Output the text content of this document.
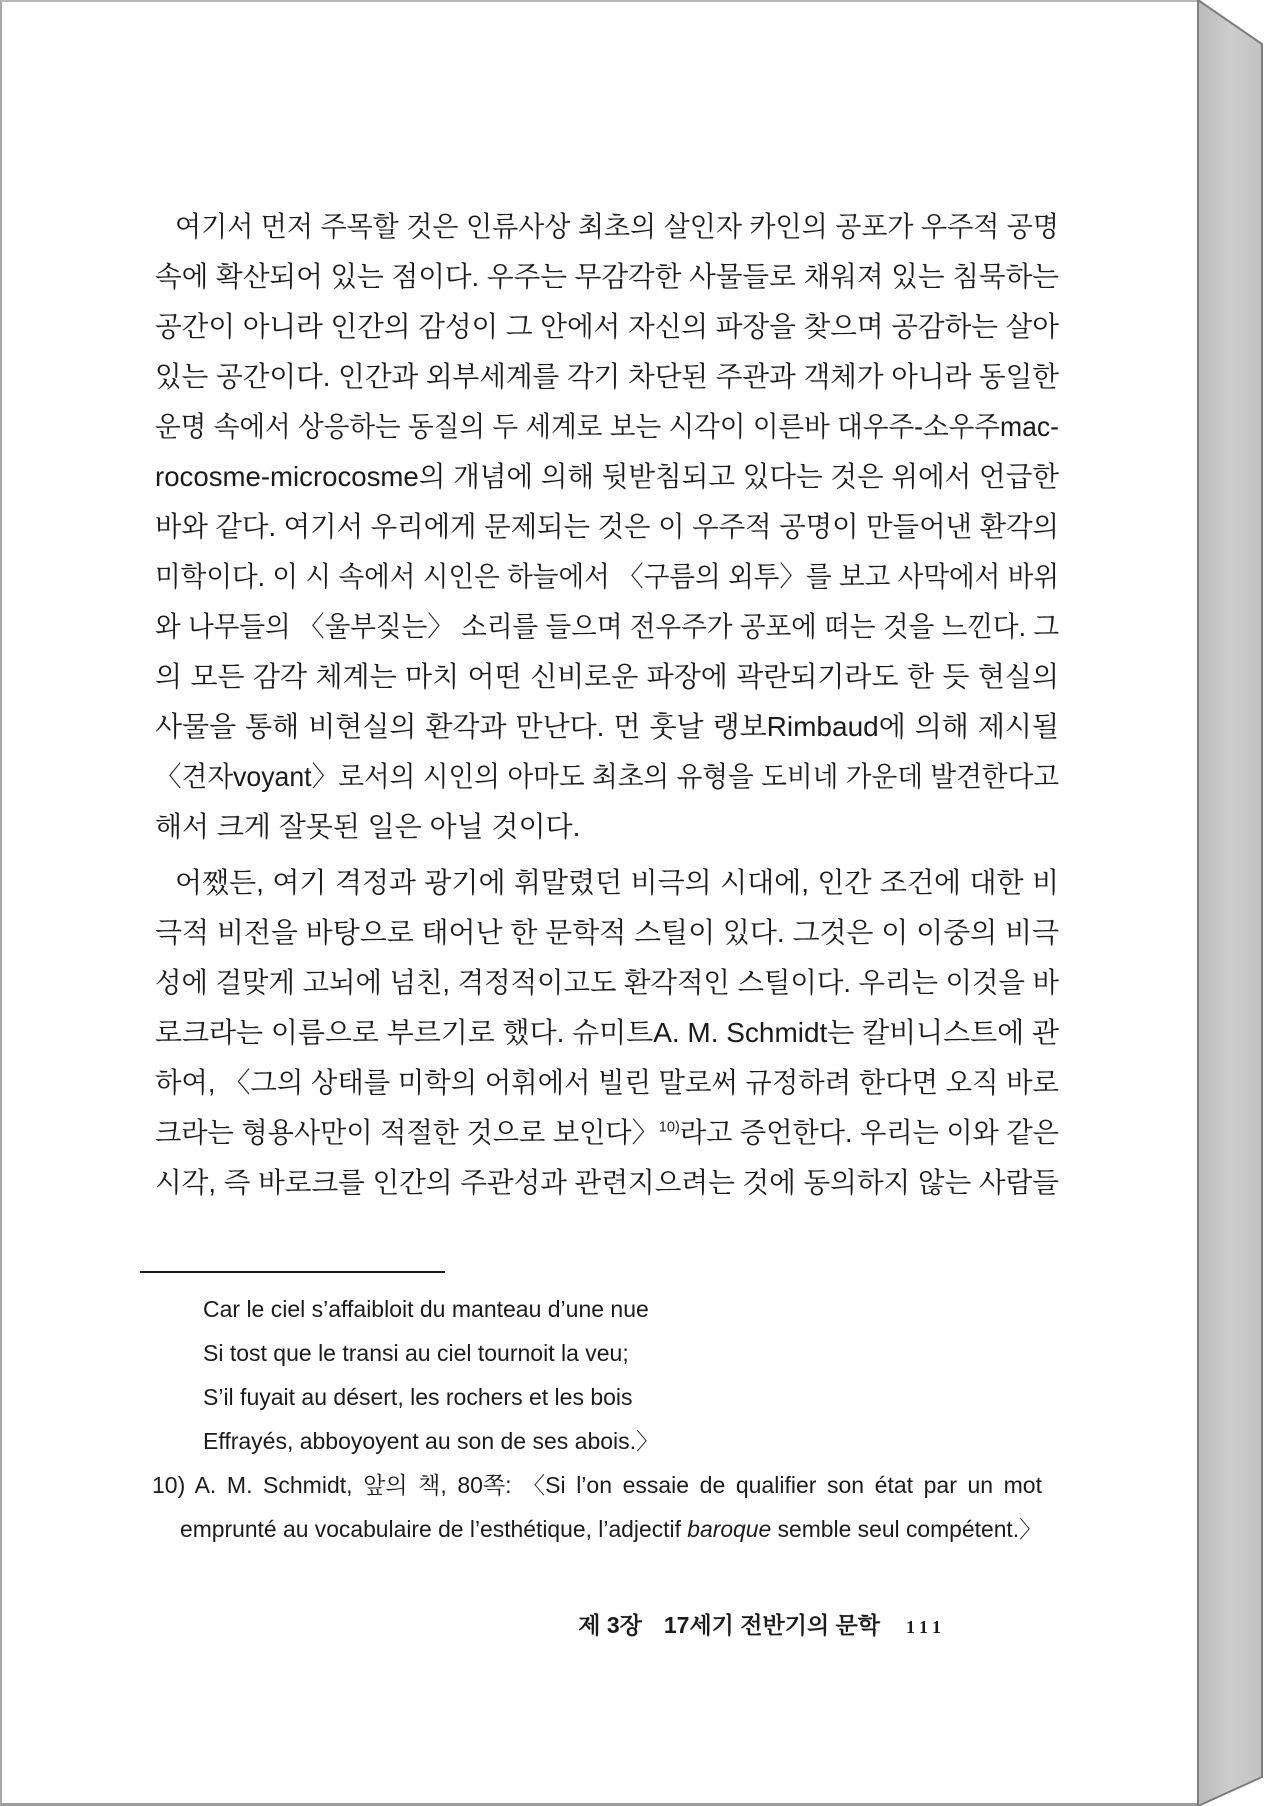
여기서 먼저 주목할 것은 인류사상 최초의 살인자 카인의 공포가 우주적 공명
속에 확산되어 있는 점이다. 우주는 무감각한 사물들로 채워져 있는 침묵하는
공간이 아니라 인간의 감성이 그 안에서 자신의 파장을 찾으며 공감하는 살아
있는 공간이다. 인간과 외부세계를 각기 차단된 주관과 객체가 아니라 동일한
운명 속에서 상응하는 동질의 두 세계로 보는 시각이 이른바 대우주-소우주mac-
rocosme-microcosme의 개념에 의해 뒷받침되고 있다는 것은 위에서 언급한
바와 같다. 여기서 우리에게 문제되는 것은 이 우주적 공명이 만들어낸 환각의
미학이다. 이 시 속에서 시인은 하늘에서 〈구름의 외투〉를 보고 사막에서 바위
와 나무들의 〈울부짖는〉 소리를 들으며 전우주가 공포에 떠는 것을 느낀다. 그
의 모든 감각 체계는 마치 어떤 신비로운 파장에 곽란되기라도 한 듯 현실의
사물을 통해 비현실의 환각과 만난다. 먼 훗날 랭보Rimbaud에 의해 제시될
〈견자voyant〉로서의 시인의 아마도 최초의 유형을 도비네 가운데 발견한다고
해서 크게 잘못된 일은 아닐 것이다.
어쨌든, 여기 격정과 광기에 휘말렸던 비극의 시대에, 인간 조건에 대한 비
극적 비전을 바탕으로 태어난 한 문학적 스틸이 있다. 그것은 이 이중의 비극
성에 걸맞게 고뇌에 넘친, 격정적이고도 환각적인 스틸이다. 우리는 이것을 바
로크라는 이름으로 부르기로 했다. 슈미트A. M. Schmidt는 칼비니스트에 관
하여, 〈그의 상태를 미학의 어휘에서 빌린 말로써 규정하려 한다면 오직 바로
크라는 형용사만이 적절한 것으로 보인다〉$^{10)}$라고 증언한다. 우리는 이와 같은
시각, 즉 바로크를 인간의 주관성과 관련지으려는 것에 동의하지 않는 사람들
Car le ciel s’affaibloit du manteau d’une nue
Si tost que le transi au ciel tournoit la veu;
S’il fuyait au désert, les rochers et les bois
Effrayés, abboyoyent au son de ses abois.〉
10) A. M. Schmidt, 앞의 책, 80쪽: 〈Si l’on essaie de qualifier son état par un mot
emprunté au vocabulaire de l’esthétique, l’adjectif baroque semble seul compétent.〉
제 3장 17세기 전반기의 문학 111
